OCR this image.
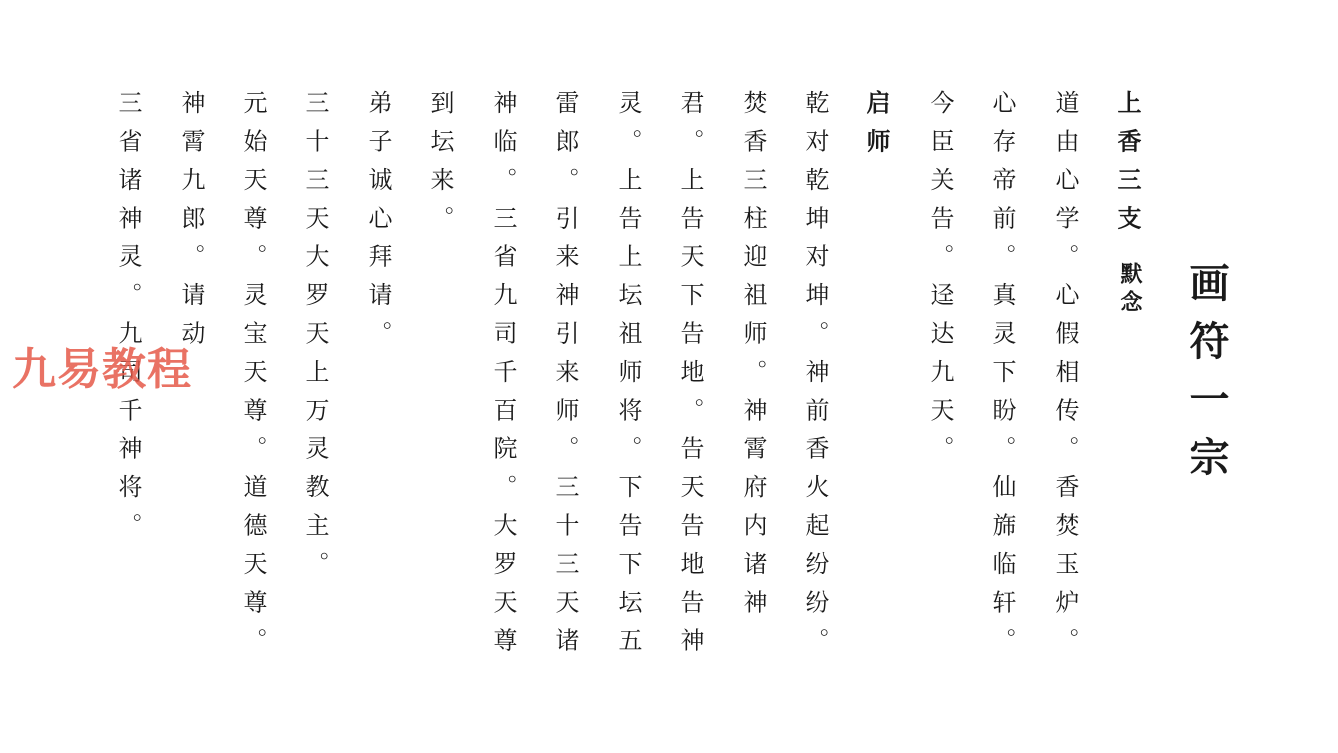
画符一宗
上香三支
默念
道由心学。心假相传。香焚玉炉。
心存帝前。真灵下盼。仙旆临轩。
今臣关告。迳达九天。
启师
乾对乾坤对坤。神前香火起纷纷。
焚香三柱迎祖师。神霄府内诸神
君。上告天下告地。告天告地告神
灵。上告上坛祖师将。下告下坛五
雷郎。引来神引来师。三十三天诸
神临。三省九司千百院。大罗天尊
到坛来。
弟子诚心拜请。
三十三天大罗天上万灵教主。
元始天尊。灵宝天尊。道德天尊。
神霄九郎。请动
三省诸神灵。九司千神将。
九易教程
